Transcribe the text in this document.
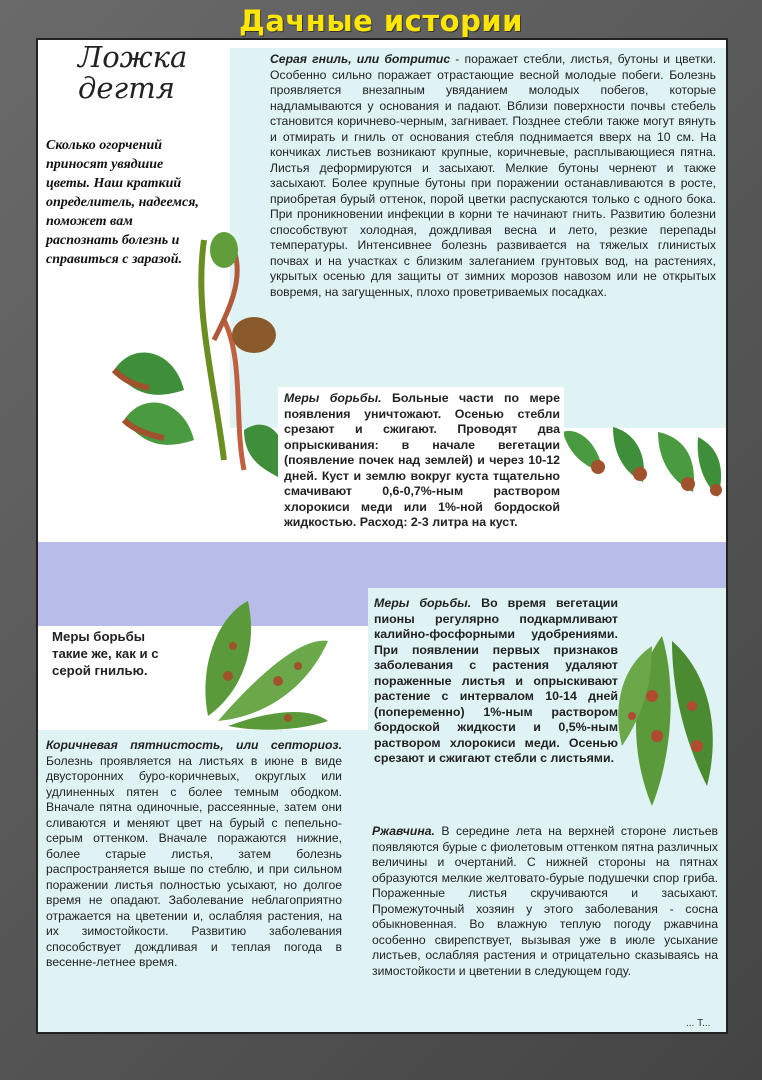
Дачные истории
Ложка дегтя
Сколько огорчений приносят увядшие цветы. Наш краткий определитель, надеемся, поможет вам распознать болезнь и справиться с заразой.
Серая гниль, или ботритис - поражает стебли, листья, бутоны и цветки. Особенно сильно поражает отрастающие весной молодые побеги. Болезнь проявляется внезапным увяданием молодых побегов, которые надламываются у основания и падают. Вблизи поверхности почвы стебель становится коричнево-черным, загнивает. Позднее стебли также могут вянуть и отмирать и гниль от основания стебля поднимается вверх на 10 см. На кончиках листьев возникают крупные, коричневые, расплывающиеся пятна. Листья деформируются и засыхают. Мелкие бутоны чернеют и также засыхают. Более крупные бутоны при поражении останавливаются в росте, приобретая бурый оттенок, порой цветки распускаются только с одного бока. При проникновении инфекции в корни те начинают гнить. Развитию болезни способствуют холодная, дождливая весна и лето, резкие перепады температуры. Интенсивнее болезнь развивается на тяжелых глинистых почвах и на участках с близким залеганием грунтовых вод, на растениях, укрытых осенью для защиты от зимних морозов навозом или не открытых вовремя, на загущенных, плохо проветриваемых посадках.
Меры борьбы. Больные части по мере появления уничтожают. Осенью стебли срезают и сжигают. Проводят два опрыскивания: в начале вегетации (появление почек над землей) и через 10-12 дней. Куст и землю вокруг куста тщательно смачивают 0,6-0,7%-ным раствором хлорокиси меди или 1%-ной бордоской жидкостью. Расход: 2-3 литра на куст.
Меры борьбы такие же, как и с серой гнилью.
Коричневая пятнистость, или септориоз. Болезнь проявляется на листьях в июне в виде двусторонних буро-коричневых, округлых или удлиненных пятен с более темным ободком. Вначале пятна одиночные, рассеянные, затем они сливаются и меняют цвет на бурый с пепельно-серым оттенком. Вначале поражаются нижние, более старые листья, затем болезнь распространяется выше по стеблю, и при сильном поражении листья полностью усыхают, но долгое время не опадают. Заболевание неблагоприятно отражается на цветении и, ослабляя растения, на их зимостойкости. Развитию заболевания способствует дождливая и теплая погода в весенне-летнее время.
Меры борьбы. Во время вегетации пионы регулярно подкармливают калийно-фосфорными удобрениями. При появлении первых признаков заболевания с растения удаляют пораженные листья и опрыскивают растение с интервалом 10-14 дней (попеременно) 1%-ным раствором бордоской жидкости и 0,5%-ным раствором хлорокиси меди. Осенью срезают и сжигают стебли с листьями.
Ржавчина. В середине лета на верхней стороне листьев появляются бурые с фиолетовым оттенком пятна различных величины и очертаний. С нижней стороны на пятнах образуются мелкие желтовато-бурые подушечки спор гриба. Пораженные листья скручиваются и засыхают. Промежуточный хозяин у этого заболевания - сосна обыкновенная. Во влажную теплую погоду ржавчина особенно свирепствует, вызывая уже в июле усыхание листьев, ослабляя растения и отрицательно сказываясь на зимостойкости и цветении в следующем году.
... Т...
